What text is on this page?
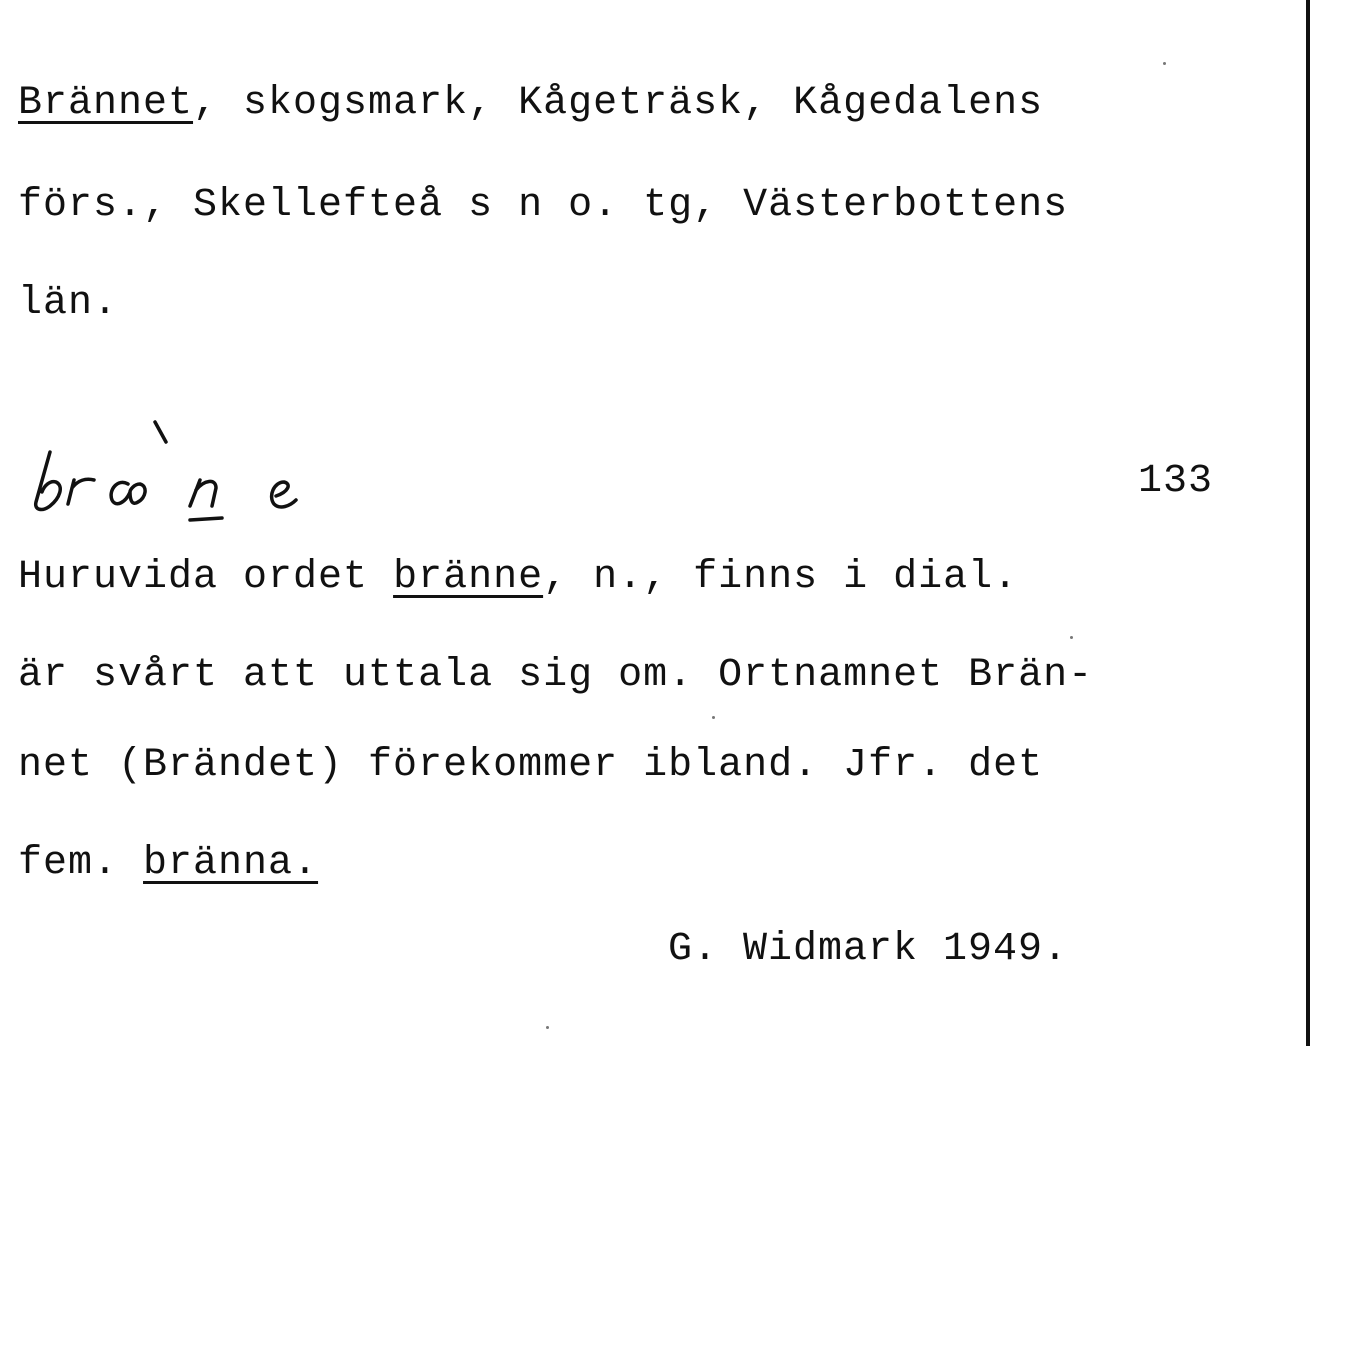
Brännet, skogsmark, Kågeträsk, Kågedalens
förs., Skellefteå s n o. tg, Västerbottens
län.
133
Huruvida ordet bränne, n., finns i dial.
är svårt att uttala sig om. Ortnamnet Brän-
net (Brändet) förekommer ibland. Jfr. det
fem. bränna.
G. Widmark 1949.
